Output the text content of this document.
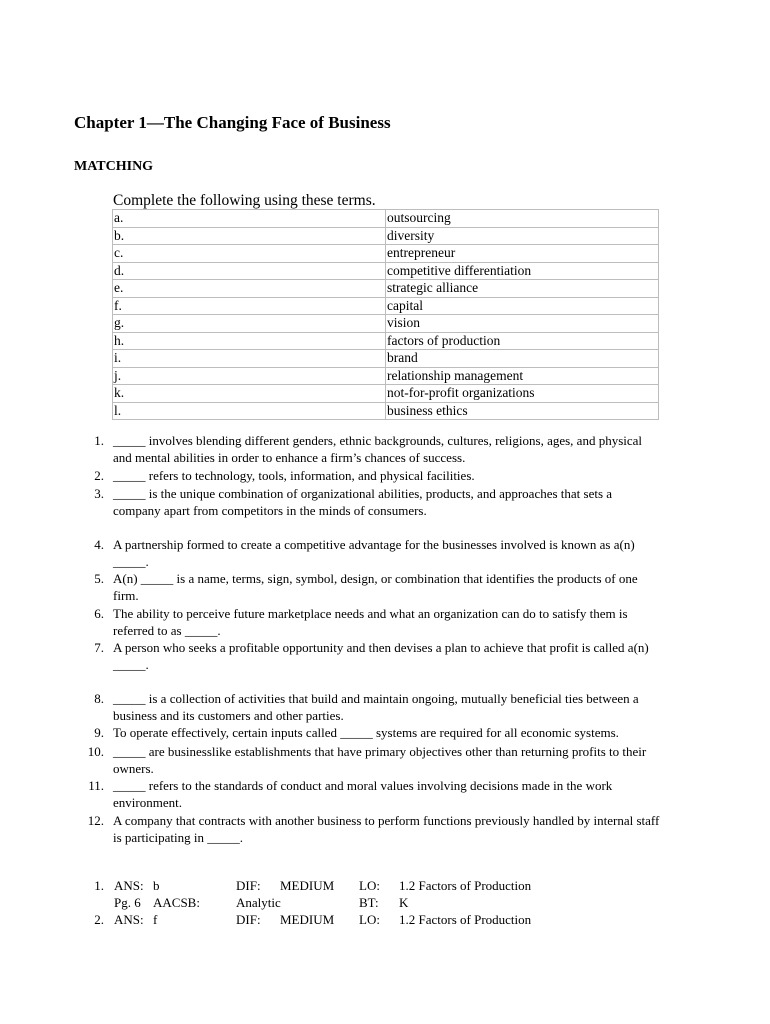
Chapter 1—The Changing Face of Business
MATCHING
Complete the following using these terms.
a.	outsourcing
b.	diversity
c.	entrepreneur
d.	competitive differentiation
e.	strategic alliance
f.	capital
g.	vision
h.	factors of production
i.	brand
j.	relationship management
k.	not-for-profit organizations
l.	business ethics
1. _____ involves blending different genders, ethnic backgrounds, cultures, religions, ages, and physical and mental abilities in order to enhance a firm’s chances of success.
2. _____ refers to technology, tools, information, and physical facilities.
3. _____ is the unique combination of organizational abilities, products, and approaches that sets a company apart from competitors in the minds of consumers.
4. A partnership formed to create a competitive advantage for the businesses involved is known as a(n) _____.
5. A(n) _____ is a name, terms, sign, symbol, design, or combination that identifies the products of one firm.
6. The ability to perceive future marketplace needs and what an organization can do to satisfy them is referred to as _____.
7. A person who seeks a profitable opportunity and then devises a plan to achieve that profit is called a(n) _____.
8. _____ is a collection of activities that build and maintain ongoing, mutually beneficial ties between a business and its customers and other parties.
9. To operate effectively, certain inputs called _____ systems are required for all economic systems.
10. _____ are businesslike establishments that have primary objectives other than returning profits to their owners.
11. _____ refers to the standards of conduct and moral values involving decisions made in the work environment.
12. A company that contracts with another business to perform functions previously handled by internal staff is participating in _____.
1. ANS: b	DIF: MEDIUM LO: 1.2 Factors of Production
Pg. 6 AACSB:	Analytic	BT: K
2. ANS: f	DIF: MEDIUM LO: 1.2 Factors of Production
